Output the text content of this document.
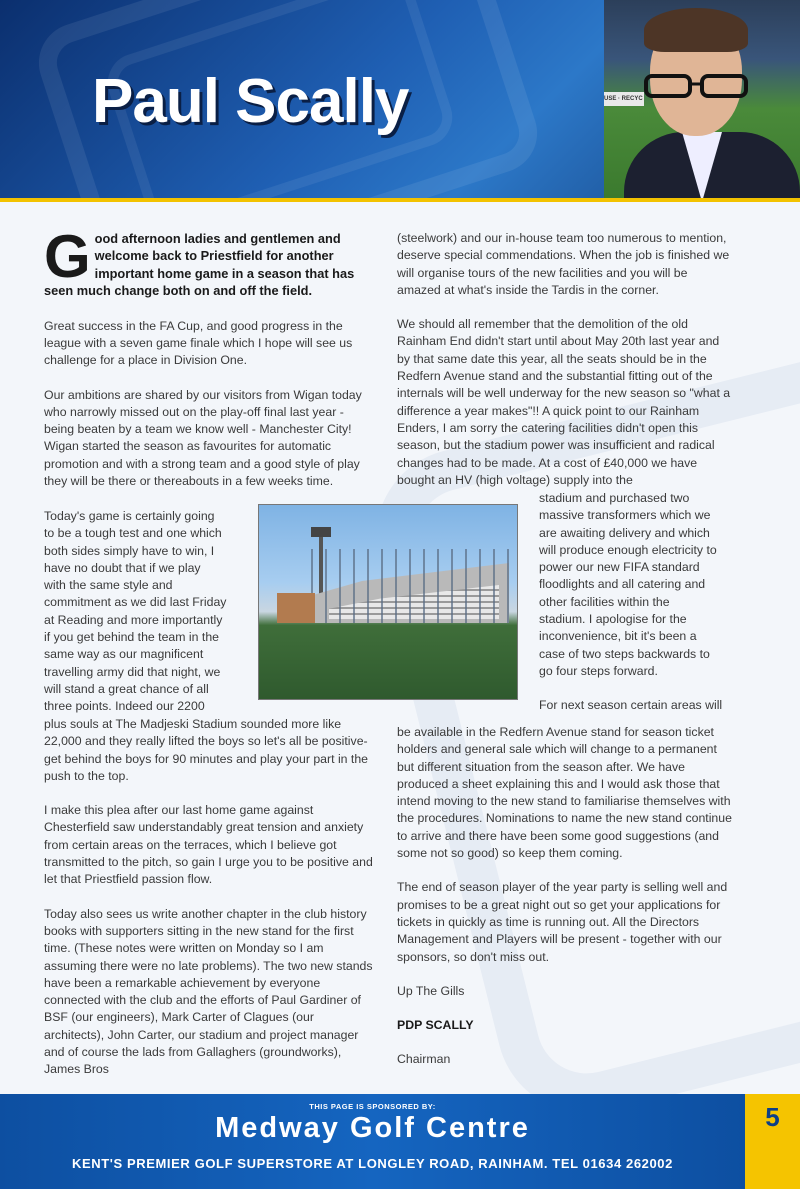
Paul Scally	USE · RECYC

Good afternoon ladies and gentlemen and welcome back to Priestfield for another important home game in a season that has seen much change both on and off the field.

Great success in the FA Cup, and good progress in the league with a seven game finale which I hope will see us challenge for a place in Division One.

Our ambitions are shared by our visitors from Wigan today who narrowly missed out on the play-off final last year - being beaten by a team we know well - Manchester City! Wigan started the season as favourites for automatic promotion and with a strong team and a good style of play they will be there or thereabouts in a few weeks time.

Today's game is certainly going
to be a tough test and one which
both sides simply have to win, I
have no doubt that if we play
with the same style and
commitment as we did last Friday
at Reading and more importantly
if you get behind the team in the
same way as our magnificent
travelling army did that night, we
will stand a great chance of all
three points. Indeed our 2200

plus souls at The Madjeski Stadium sounded more like 22,000 and they really lifted the boys so let's all be positive- get behind the boys for 90 minutes and play your part in the push to the top.

I make this plea after our last home game against Chesterfield saw understandably great tension and anxiety from certain areas on the terraces, which I believe got transmitted to the pitch, so gain I urge you to be positive and let that Priestfield passion flow.

Today also sees us write another chapter in the club history books with supporters sitting in the new stand for the first time. (These notes were written on Monday so I am assuming there were no late problems). The two new stands have been a remarkable achievement by everyone connected with the club and the efforts of Paul Gardiner of BSF (our engineers), Mark Carter of Clagues (our architects), John Carter, our stadium and project manager and of course the lads from Gallaghers (groundworks), James Bros

(steelwork) and our in-house team too numerous to mention, deserve special commendations. When the job is finished we will organise tours of the new facilities and you will be amazed at what's inside the Tardis in the corner.

We should all remember that the demolition of the old Rainham End didn't start until about May 20th last year and by that same date this year, all the seats should be in the Redfern Avenue stand and the substantial fitting out of the internals will be well underway for the new season so "what a difference a year makes"!! A quick point to our Rainham Enders, I am sorry the catering facilities didn't open this season, but the stadium power was insufficient and radical changes had to be made. At a cost of £40,000 we have bought an HV (high voltage) supply into the

stadium and purchased two
massive transformers which we
are awaiting delivery and which
will produce enough electricity to
power our new FIFA standard
floodlights and all catering and
other facilities within the
stadium. I apologise for the
inconvenience, bit it's been a
case of two steps backwards to
go four steps forward.
For next season certain areas will

be available in the Redfern Avenue stand for season ticket holders and general sale which will change to a permanent but different situation from the season after. We have produced a sheet explaining this and I would ask those that intend moving to the new stand to familiarise themselves with the procedures. Nominations to name the new stand continue to arrive and there have been some good suggestions (and some not so good) so keep them coming.

The end of season player of the year party is selling well and promises to be a great night out so get your applications for tickets in quickly as time is running out. All the Directors Management and Players will be present - together with our sponsors, so don't miss out.

Up The Gills

PDP SCALLY

Chairman

THIS PAGE IS SPONSORED BY:
Medway Golf Centre
KENT'S PREMIER GOLF SUPERSTORE AT LONGLEY ROAD, RAINHAM. TEL 01634 262002
5
